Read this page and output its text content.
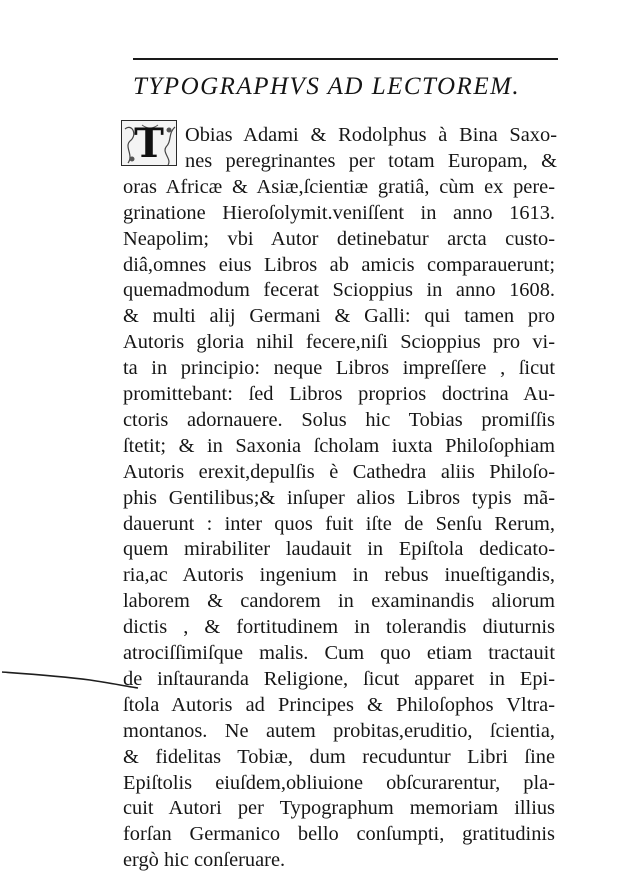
TYPOGRAPHVS AD LECTOREM.
T	Obias Adami & Rodolphus à Bina Saxo-
nes peregrinantes per totam Europam, &
oras Africæ & Asiæ,ſcientiæ gratiâ, cùm ex pere-
grinatione Hieroſolymit.veniſſent in anno 1613.
Neapolim; vbi Autor detinebatur arcta custo-
diâ,omnes eius Libros ab amicis comparauerunt;
quemadmodum fecerat Scioppius in anno 1608.
& multi alij Germani & Galli: qui tamen pro
Autoris gloria nihil fecere,niſi Scioppius pro vi-
ta in principio: neque Libros impreſſere , ſicut
promittebant: ſed Libros proprios doctrina Au-
ctoris adornauere. Solus hic Tobias promiſſis
ſtetit; & in Saxonia ſcholam iuxta Philoſophiam
Autoris erexit,depulſis è Cathedra aliis Philoſo-
phis Gentilibus;& inſuper alios Libros typis mã-
dauerunt : inter quos fuit iſte de Senſu Rerum,
quem mirabiliter laudauit in Epiſtola dedicato-
ria,ac Autoris ingenium in rebus inueſtigandis,
laborem & candorem in examinandis aliorum
dictis , & fortitudinem in tolerandis diuturnis
atrociſſimiſque malis. Cum quo etiam tractauit
de inſtauranda Religione, ſicut apparet in Epi-
ſtola Autoris ad Principes & Philoſophos Vltra-
montanos. Ne autem probitas,eruditio, ſcientia,
& fidelitas Tobiæ, dum recuduntur Libri ſine
Epiſtolis eiuſdem,obliuione obſcurarentur, pla-
cuit Autori per Typographum memoriam illius
forſan Germanico bello conſumpti, gratitudinis
ergò hic conſeruare.
